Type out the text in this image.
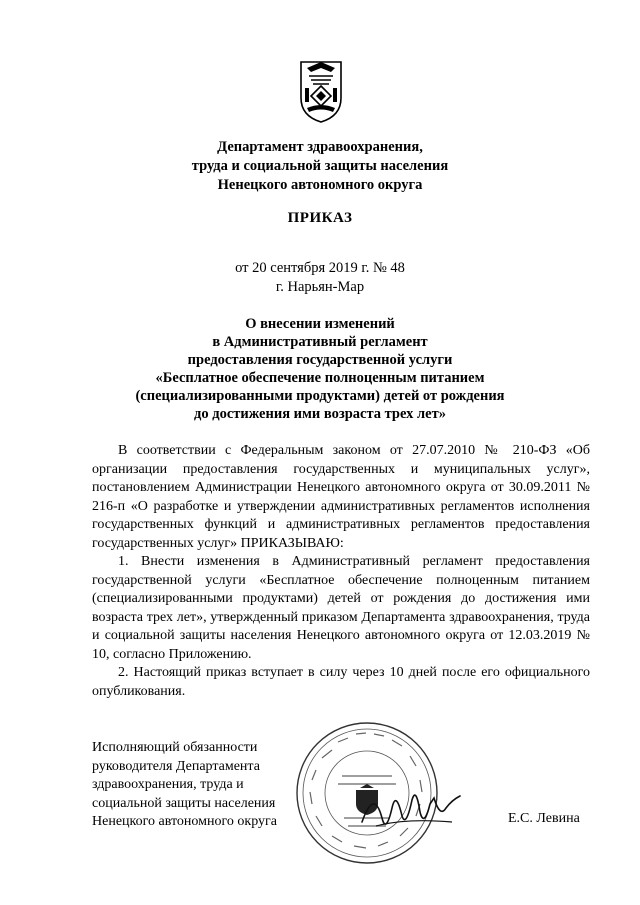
Департамент здравоохранения,
труда и социальной защиты населения
Ненецкого автономного округа
ПРИКАЗ
от 20 сентября 2019 г. № 48
г. Нарьян-Мар
О внесении изменений
в Административный регламент
предоставления государственной услуги
«Бесплатное обеспечение полноценным питанием
(специализированными продуктами) детей от рождения
до достижения ими возраста трех лет»

В соответствии с Федеральным законом от 27.07.2010 № 210-ФЗ «Об организации предоставления государственных и муниципальных услуг», постановлением Администрации Ненецкого автономного округа от 30.09.2011 № 216-п «О разработке и утверждении административных регламентов исполнения государственных функций и административных регламентов предоставления государственных услуг» ПРИКАЗЫВАЮ:

1. Внести изменения в Административный регламент предоставления государственной услуги «Бесплатное обеспечение полноценным питанием (специализированными продуктами) детей от рождения до достижения ими возраста трех лет», утвержденный приказом Департамента здравоохранения, труда и социальной защиты населения Ненецкого автономного округа от 12.03.2019 № 10, согласно Приложению.

2. Настоящий приказ вступает в силу через 10 дней после его официального опубликования.

Исполняющий обязанности
руководителя Департамента
здравоохранения, труда и
социальной защиты населения
Ненецкого автономного округа	Е.С. Левина
